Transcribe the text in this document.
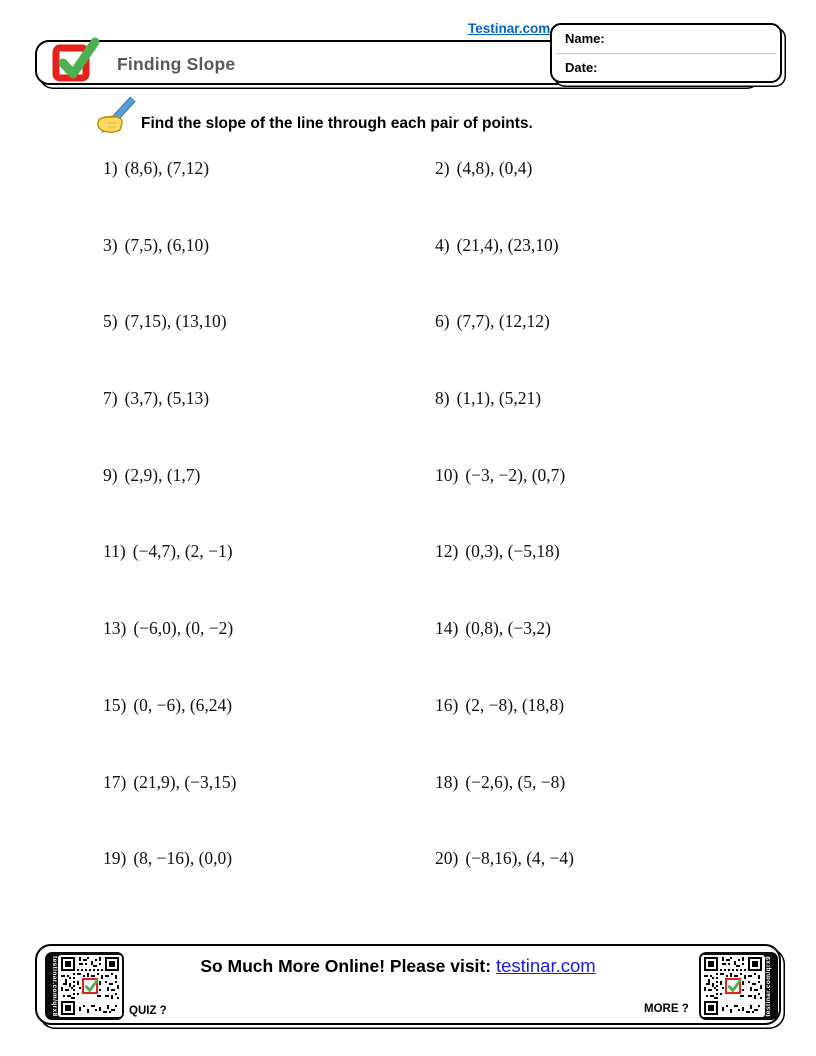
Testinar.com
Finding Slope
Name:
Date:
Find the slope of the line through each pair of points.
1) (8,6), (7,12)	2) (4,8), (0,4)
3) (7,5), (6,10)	4) (21,4), (23,10)
5) (7,15), (13,10)	6) (7,7), (12,12)
7) (3,7), (5,13)	8) (1,1), (5,21)
9) (2,9), (1,7)	10) (−3, −2), (0,7)
11) (−4,7), (2, −1)	12) (0,3), (−5,18)
13) (−6,0), (0, −2)	14) (0,8), (−3,2)
15) (0, −6), (6,24)	16) (2, −8), (18,8)
17) (21,9), (−3,15)	18) (−2,6), (5, −8)
19) (8, −16), (0,0)	20) (−8,16), (4, −4)
testinar.com/qrx8	QUIZ ?
So Much More Online! Please visit: testinar.com
MORE ?	testinar.com/qrx9
